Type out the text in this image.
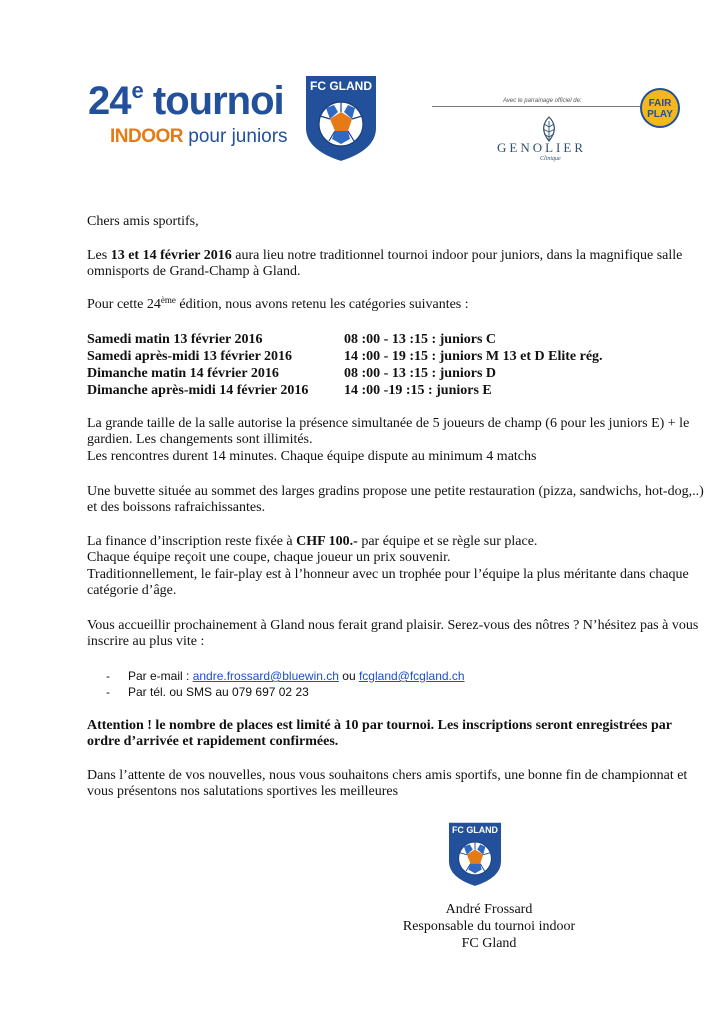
24e tournoi
INDOOR pour juniors
FC GLAND
Avec le parrainage officiel de:
GENOLIER
Clinique
FAIR
PLAY

Chers amis sportifs,

Les 13 et 14 février 2016 aura lieu notre traditionnel tournoi indoor pour juniors, dans la magnifique salle omnisports de Grand-Champ à Gland.

Pour cette 24ème édition, nous avons retenu les catégories suivantes :

Samedi matin 13 février 2016	08 :00 - 13 :15 : juniors C
Samedi après-midi 13 février 2016	14 :00 - 19 :15 : juniors M 13 et D Elite rég.
Dimanche matin 14 février 2016	08 :00 - 13 :15 : juniors D
Dimanche après-midi 14 février 2016	14 :00 -19 :15 : juniors E

La grande taille de la salle autorise la présence simultanée de 5 joueurs de champ (6 pour les juniors E) + le gardien. Les changements sont illimités.

Les rencontres durent 14 minutes. Chaque équipe dispute au minimum 4 matchs

Une buvette située au sommet des larges gradins propose une petite restauration (pizza, sandwichs, hot-dog,..) et des boissons rafraichissantes.

La finance d’inscription reste fixée à CHF 100.- par équipe et se règle sur place.

Chaque équipe reçoit une coupe, chaque joueur un prix souvenir.

Traditionnellement, le fair-play est à l’honneur avec un trophée pour l’équipe la plus méritante dans chaque catégorie d’âge.

Vous accueillir prochainement à Gland nous ferait grand plaisir. Serez-vous des nôtres ? N’hésitez pas à vous inscrire au plus vite :

- Par e-mail : andre.frossard@bluewin.ch ou fcgland@fcgland.ch
- Par tél. ou SMS au 079 697 02 23

Attention ! le nombre de places est limité à 10 par tournoi. Les inscriptions seront enregistrées par ordre d’arrivée et rapidement confirmées.

Dans l’attente de vos nouvelles, nous vous souhaitons chers amis sportifs, une bonne fin de championnat et vous présentons nos salutations sportives les meilleures

FC GLAND
André Frossard
Responsable du tournoi indoor
FC Gland
